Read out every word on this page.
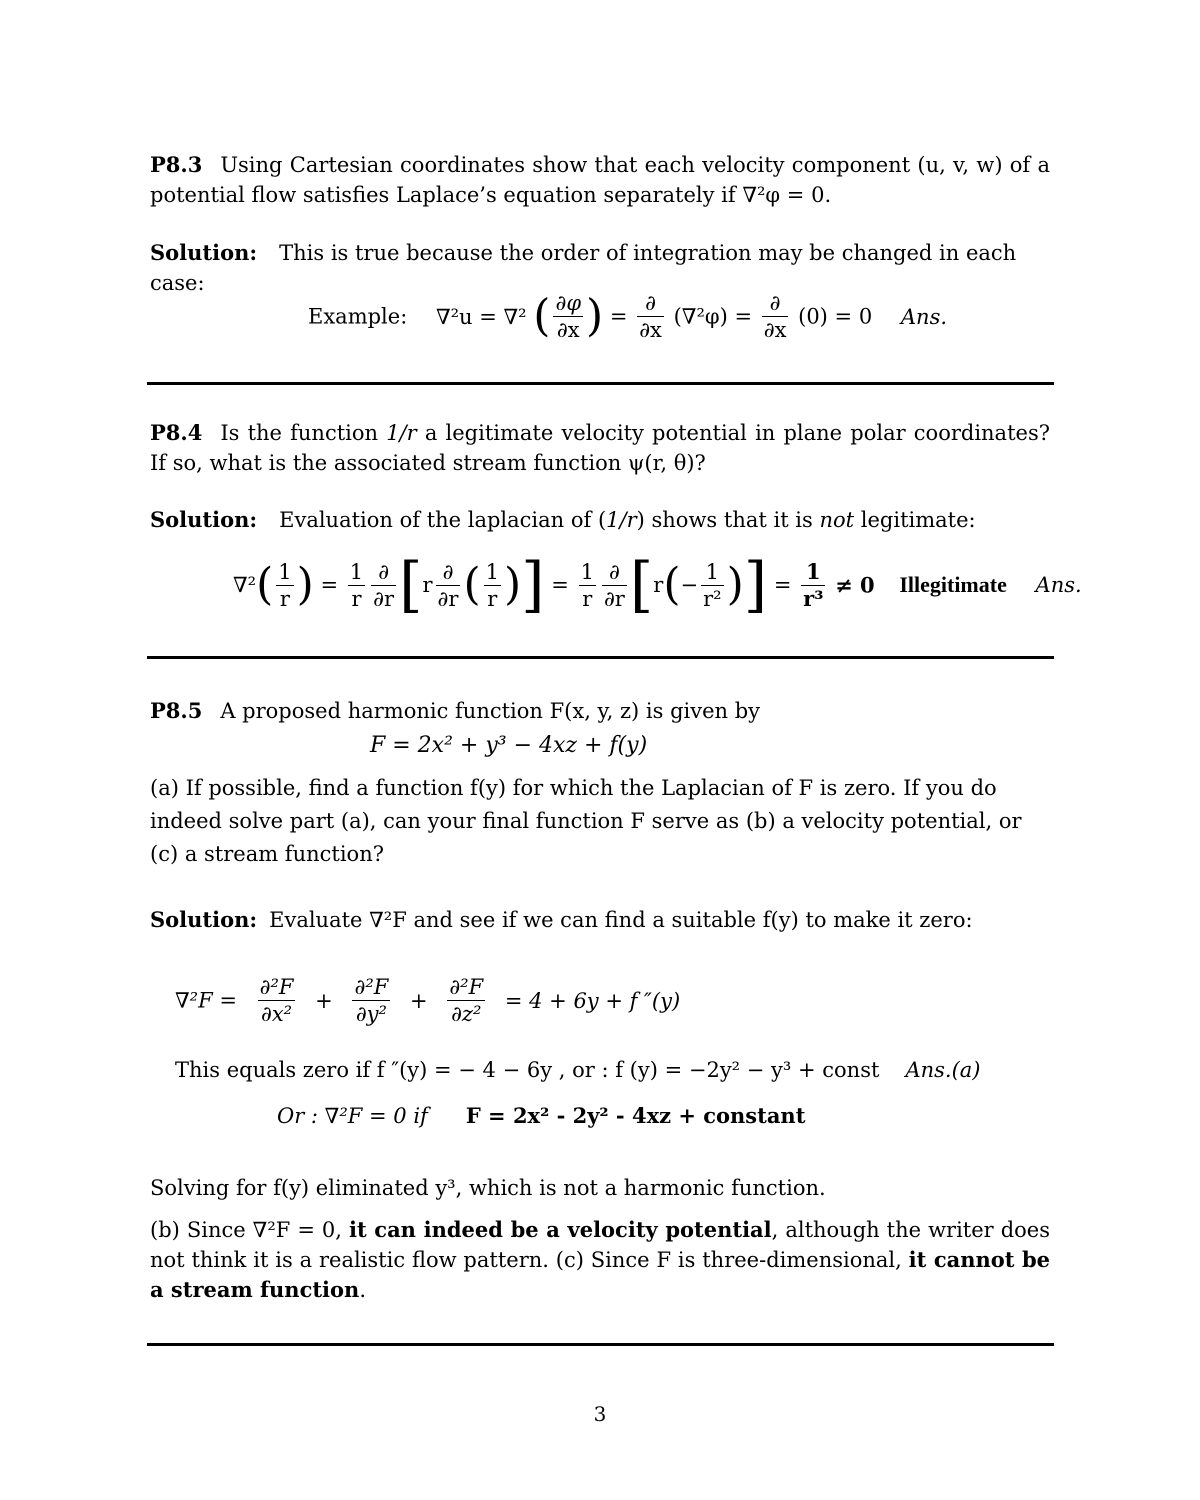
P8.3 Using Cartesian coordinates show that each velocity component (u, v, w) of a potential flow satisfies Laplace’s equation separately if ∇²φ = 0.

Solution: This is true because the order of integration may be changed in each case:

Example: ∇²u = ∇² ( $\frac{\partial\varphi}{\partial x}$ ) = $\frac{\partial}{\partial x} (\nabla^2\varphi) = \frac{\partial}{\partial x} (0) = 0$ Ans.

P8.4 Is the function 1/r a legitimate velocity potential in plane polar coordinates? If so, what is the associated stream function ψ(r, θ)?

Solution: Evaluation of the laplacian of (1/r) shows that it is not legitimate:

$\nabla^2( \frac{1}{r}$ ) = $\frac{1}{r} \frac{\partial}{\partial r} [r \frac{\partial}{\partial r}$ ( $\frac{1}{r}$ )] = $\frac{1}{r} \frac{\partial}{\partial r} [r(- \frac{1}{\text{r²}}$ )] = $\frac{1}{\text{r³}} \ne 0$ Illegitimate Ans.

P8.5 A proposed harmonic function F(x, y, z) is given by

F = 2x² + y³ − 4xz + f(y)

(a) If possible, find a function f(y) for which the Laplacian of F is zero. If you do indeed solve part (a), can your final function F serve as (b) a velocity potential, or (c) a stream function?

Solution: Evaluate ∇²F and see if we can find a suitable f(y) to make it zero:

$\nabla^2F = \frac{\text{∂²F}}{\text{∂x²}} + \frac{\text{∂²F}}{\text{∂y²}} + \frac{\text{∂²F}}{\text{∂z²}} = 4 + 6y + f$ ″(y)
This equals zero if f ″(y) = − 4 − 6y , or : f (y) = −2y² − y³ + const Ans.(a)
Or : ∇²F = 0 if F = 2x² - 2y² - 4xz + constant

Solving for f(y) eliminated y³, which is not a harmonic function.

(b) Since ∇²F = 0, it can indeed be a velocity potential, although the writer does not think it is a realistic flow pattern. (c) Since F is three-dimensional, it cannot be a stream function.

3
